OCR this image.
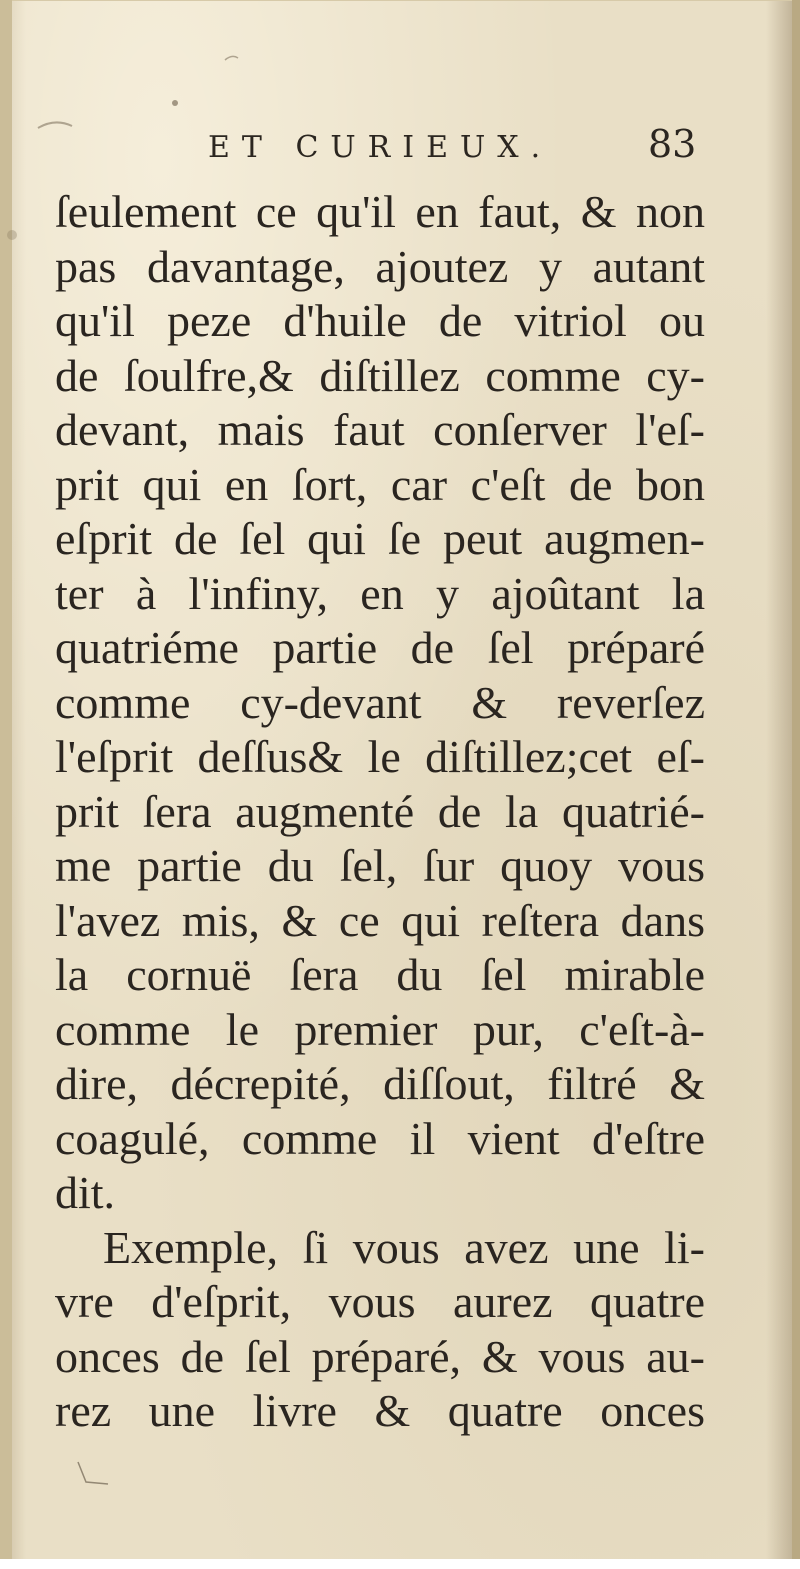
ET CURIEUX.	83
ſeulement ce qu'il en faut, & non
pas davantage, ajoutez y autant
qu'il peze d'huile de vitriol ou
de ſoulfre,& diſtillez comme cy-
devant, mais faut conſerver l'eſ-
prit qui en ſort, car c'eſt de bon
eſprit de ſel qui ſe peut augmen-
ter à l'infiny, en y ajoûtant la
quatriéme partie de ſel préparé
comme cy-devant & reverſez
l'eſprit deſſus& le diſtillez;cet eſ-
prit ſera augmenté de la quatrié-
me partie du ſel, ſur quoy vous
l'avez mis, & ce qui reſtera dans
la cornuë ſera du ſel mirable
comme le premier pur, c'eſt-à-
dire, décrepité, diſſout, filtré &
coagulé, comme il vient d'eſtre
dit.
Exemple, ſi vous avez une li-
vre d'eſprit, vous aurez quatre
onces de ſel préparé, & vous au-
rez une livre & quatre onces
